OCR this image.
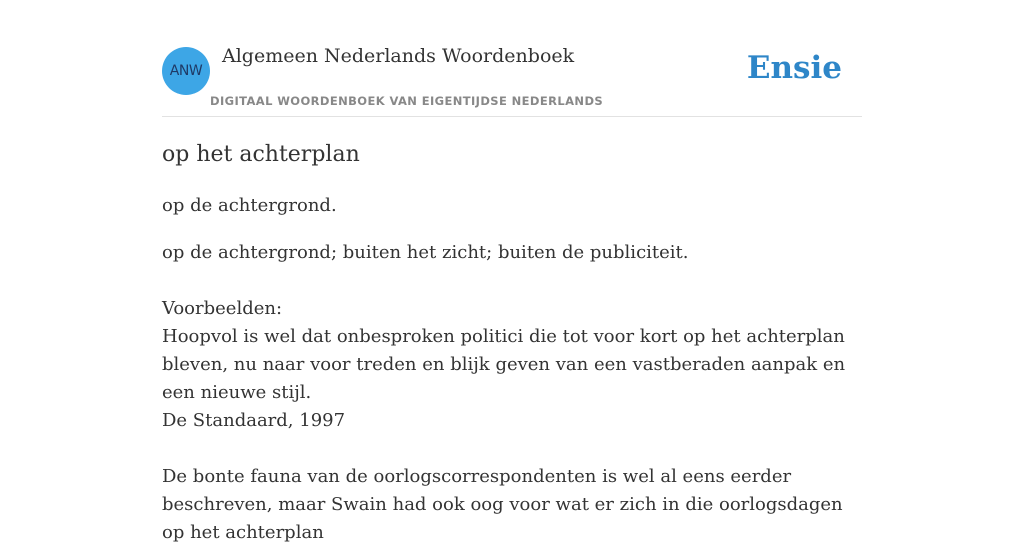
ANW
Algemeen Nederlands Woordenboek
DIGITAAL WOORDENBOEK VAN EIGENTIJDSE NEDERLANDS
Ensie
op het achterplan

op de achtergrond.

op de achtergrond; buiten het zicht; buiten de publiciteit.

Voorbeelden:

Hoopvol is wel dat onbesproken politici die tot voor kort op het achterplan bleven, nu naar voor treden en blijk geven van een vastberaden aanpak en een nieuwe stijl.
De Standaard, 1997
De bonte fauna van de oorlogscorrespondenten is wel al eens eerder beschreven, maar Swain had ook oog voor wat er zich in die oorlogsdagen op het achterplan
